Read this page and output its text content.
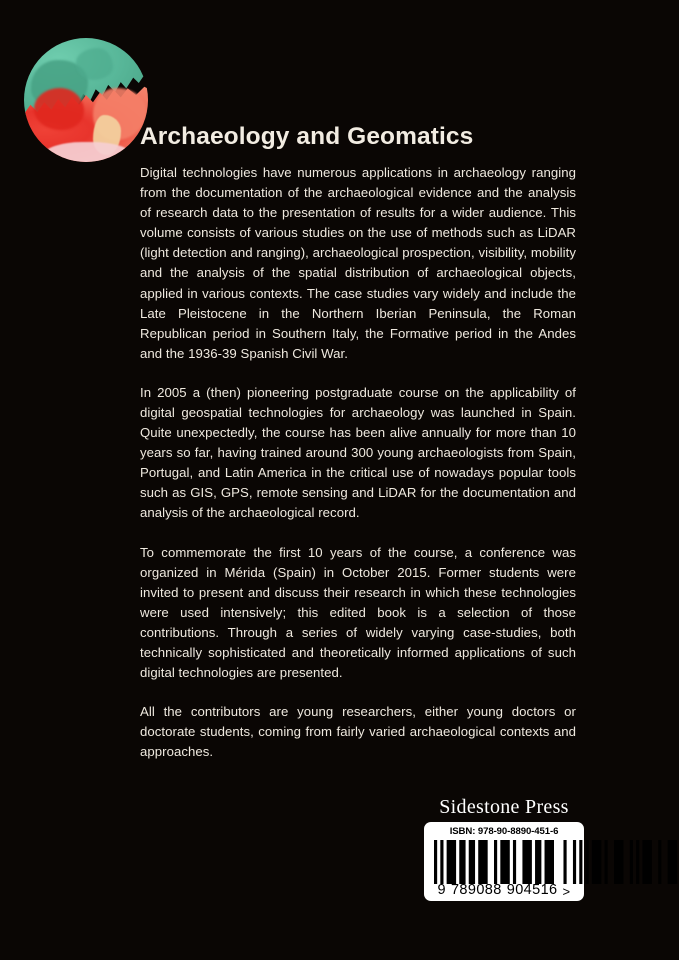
Archaeology and Geomatics

Digital technologies have numerous applications in archaeology ranging from the documentation of the archaeological evidence and the analysis of research data to the presentation of results for a wider audience. This volume consists of various studies on the use of methods such as LiDAR (light detection and ranging), archaeological prospection, visibility, mobility and the analysis of the spatial distribution of archaeological objects, applied in various contexts. The case studies vary widely and include the Late Pleistocene in the Northern Iberian Peninsula, the Roman Republican period in Southern Italy, the Formative period in the Andes and the 1936-39 Spanish Civil War.

In 2005 a (then) pioneering postgraduate course on the applicability of digital geospatial technologies for archaeology was launched in Spain. Quite unexpectedly, the course has been alive annually for more than 10 years so far, having trained around 300 young archaeologists from Spain, Portugal, and Latin America in the critical use of nowadays popular tools such as GIS, GPS, remote sensing and LiDAR for the documentation and analysis of the archaeological record.

To commemorate the first 10 years of the course, a conference was organized in Mérida (Spain) in October 2015. Former students were invited to present and discuss their research in which these technologies were used intensively; this edited book is a selection of those contributions. Through a series of widely varying case-studies, both technically sophisticated and theoretically informed applications of such digital technologies are presented.

All the contributors are young researchers, either young doctors or doctorate students, coming from fairly varied archaeological contexts and approaches.

Sidestone Press
ISBN: 978-90-8890-451-6
9 789088 904516 >
